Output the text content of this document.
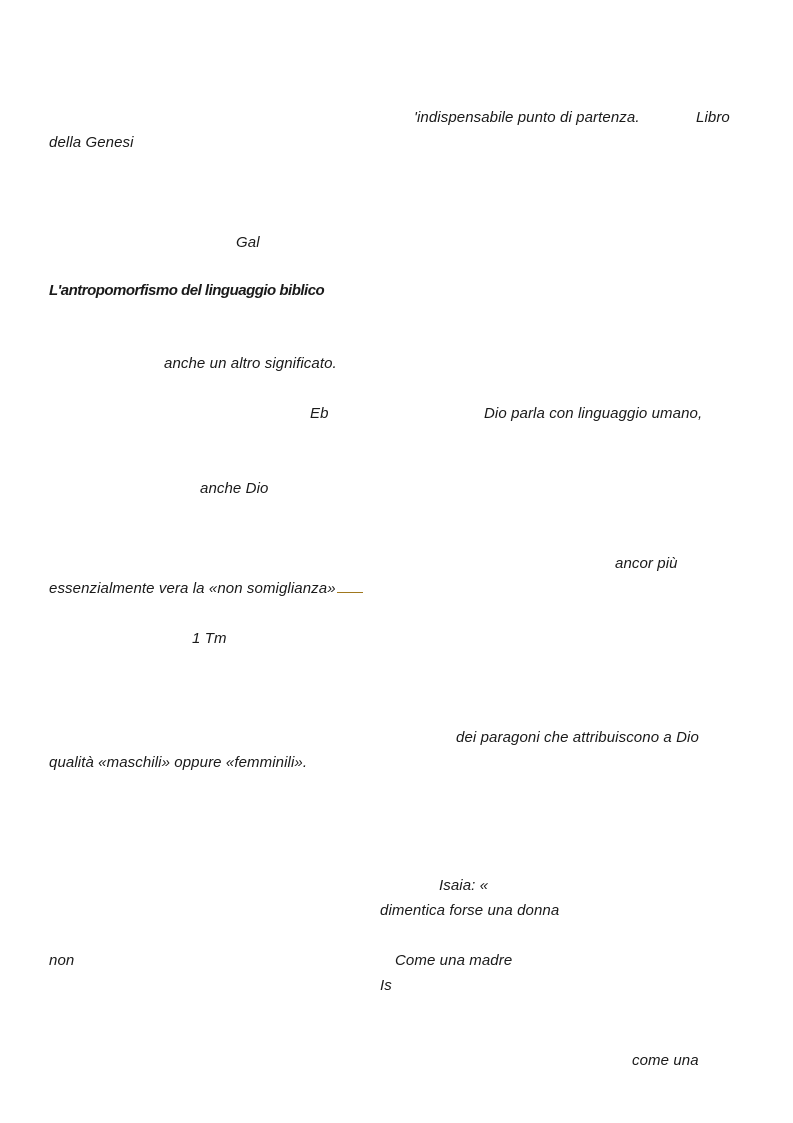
'indispensabile punto di partenza.	Libro
della Genesi
Gal
L'antropomorfismo del linguaggio biblico
anche un altro significato.
Eb	Dio parla con linguaggio umano,
anche Dio
ancor più
essenzialmente vera la «non somiglianza»
1 Tm
dei paragoni che attribuiscono a Dio
qualità «maschili» oppure «femminili».
Isaia: «
dimentica forse una donna
non	Come una madre
Is
come una
